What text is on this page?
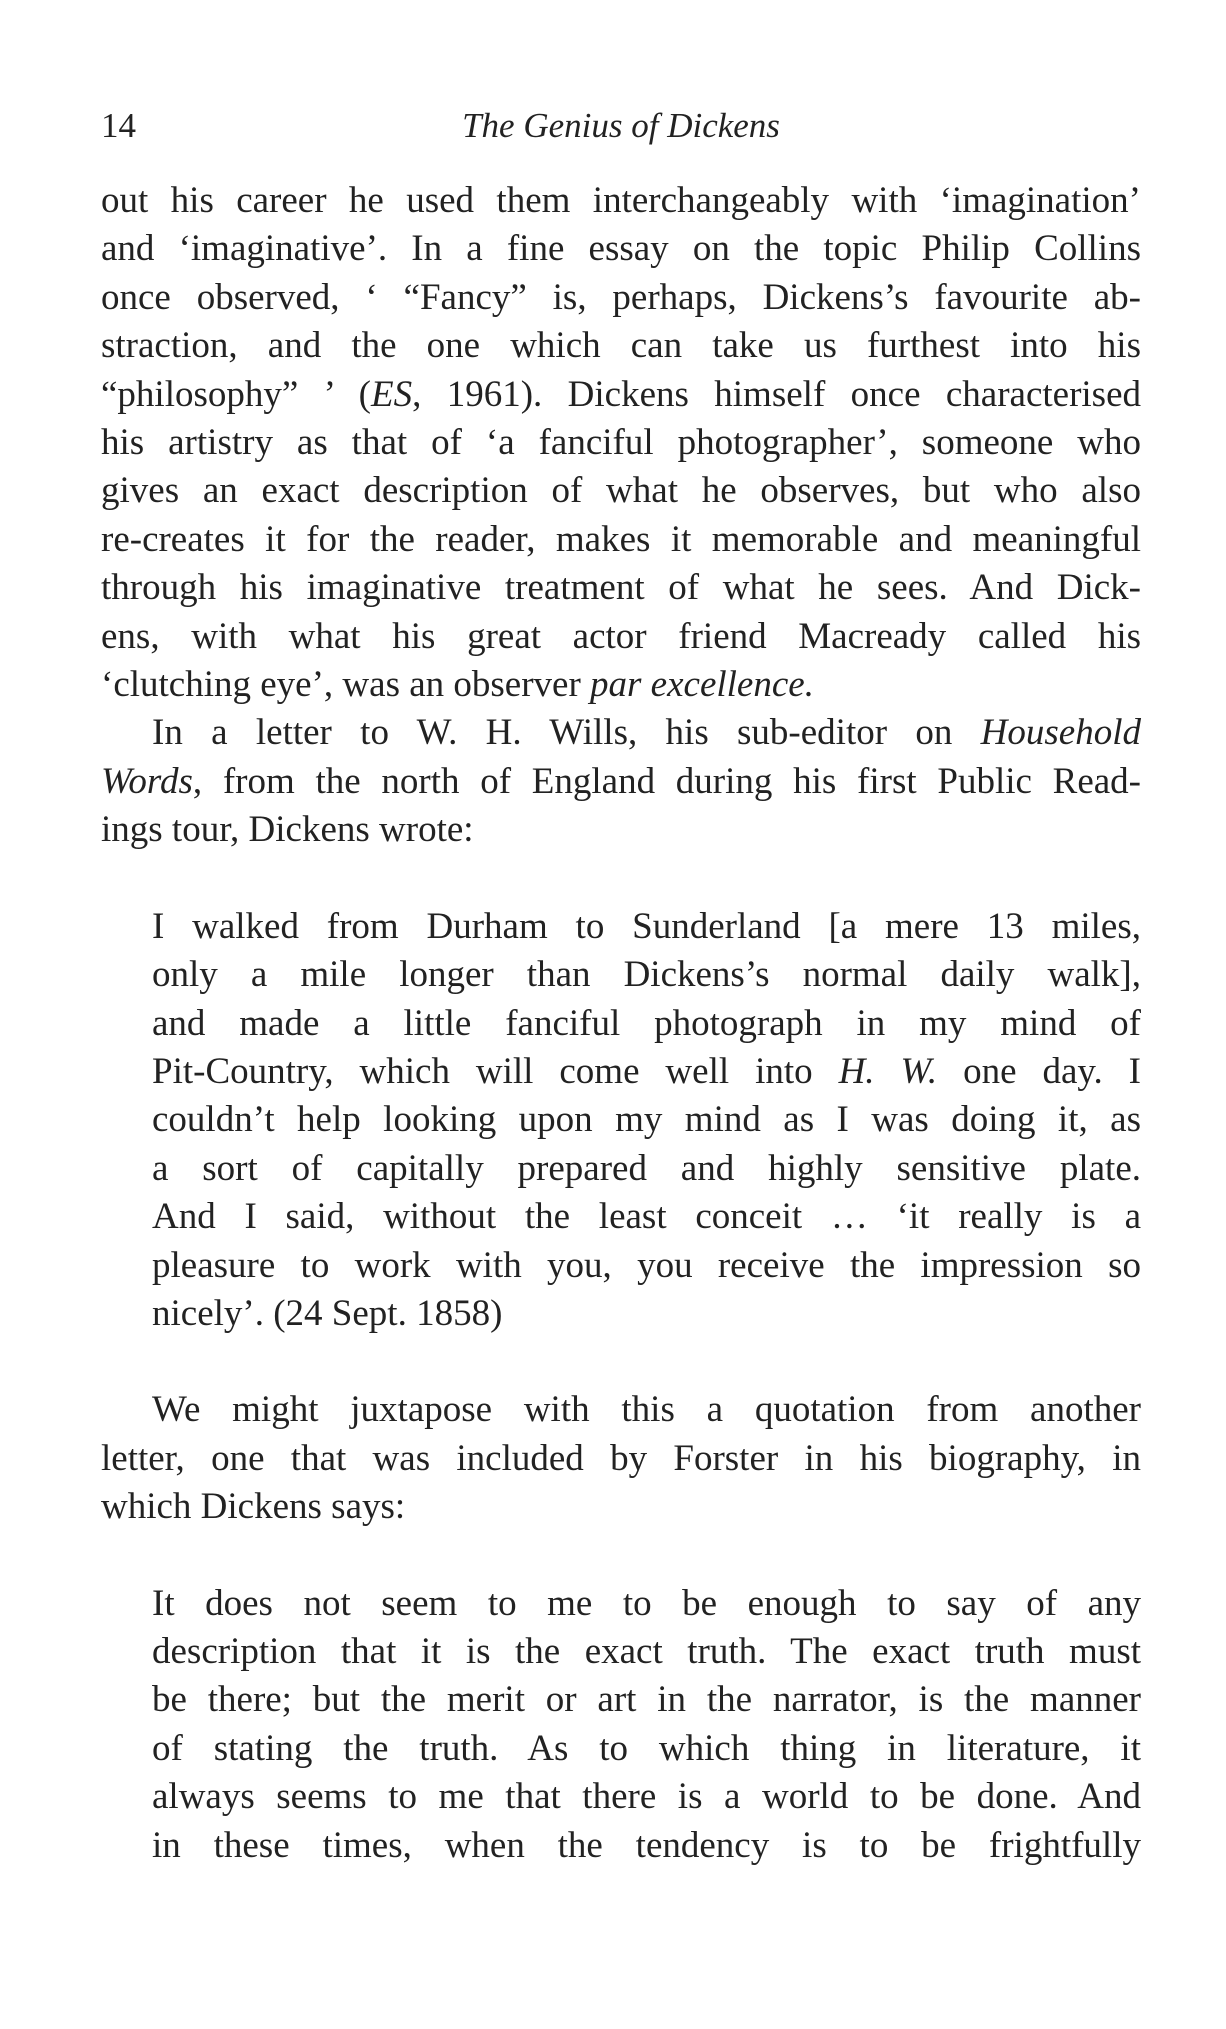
14	The Genius of Dickens

out his career he used them interchangeably with ‘imagination’
and ‘imaginative’. In a fine essay on the topic Philip Collins
once observed, ‘ “Fancy” is, perhaps, Dickens’s favourite ab-
straction, and the one which can take us furthest into his
“philosophy” ’ (ES, 1961). Dickens himself once characterised
his artistry as that of ‘a fanciful photographer’, someone who
gives an exact description of what he observes, but who also
re-creates it for the reader, makes it memorable and meaningful
through his imaginative treatment of what he sees. And Dick-
ens, with what his great actor friend Macready called his
‘clutching eye’, was an observer par excellence.

In a letter to W. H. Wills, his sub-editor on Household
Words, from the north of England during his first Public Read-
ings tour, Dickens wrote:

I walked from Durham to Sunderland [a mere 13 miles,
only a mile longer than Dickens’s normal daily walk],
and made a little fanciful photograph in my mind of
Pit-Country, which will come well into H. W. one day. I
couldn’t help looking upon my mind as I was doing it, as
a sort of capitally prepared and highly sensitive plate.
And I said, without the least conceit … ‘it really is a
pleasure to work with you, you receive the impression so
nicely’. (24 Sept. 1858)

We might juxtapose with this a quotation from another
letter, one that was included by Forster in his biography, in
which Dickens says:

It does not seem to me to be enough to say of any
description that it is the exact truth. The exact truth must
be there; but the merit or art in the narrator, is the manner
of stating the truth. As to which thing in literature, it
always seems to me that there is a world to be done. And
in these times, when the tendency is to be frightfully
